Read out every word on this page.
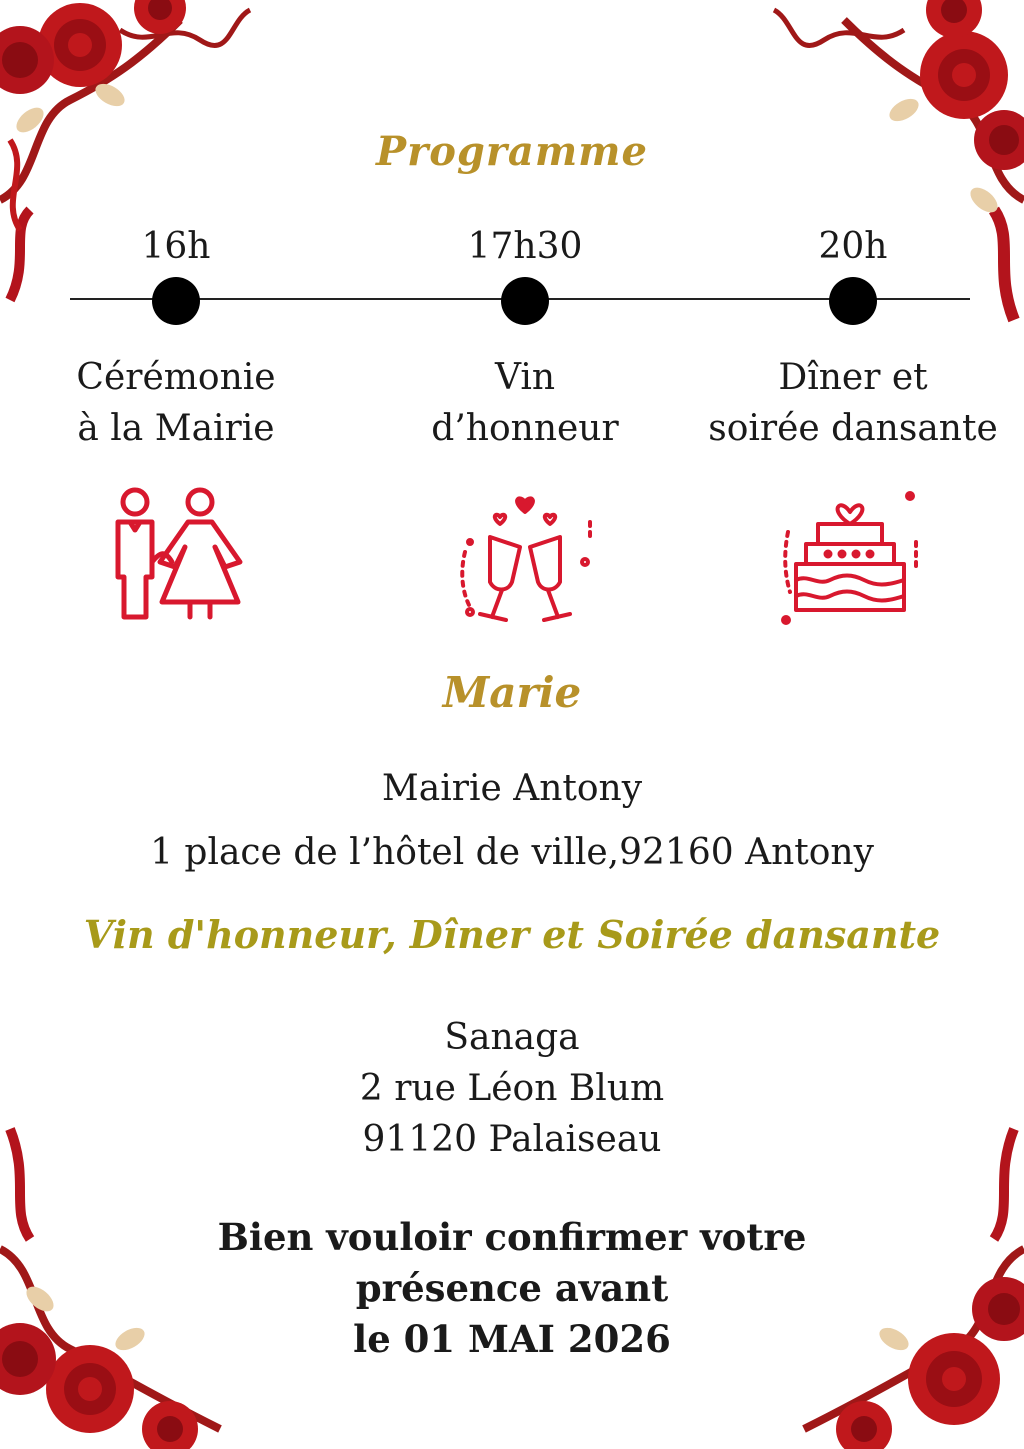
Programme
16h	17h30	20h
Cérémonie
à la Mairie
Vin
d’honneur
Dîner et
soirée dansante
Marie
Mairie Antony
1 place de l’hôtel de ville,92160 Antony
Vin d'honneur, Dîner et Soirée dansante
Sanaga
2 rue Léon Blum
91120 Palaiseau
Bien vouloir confirmer votre
présence avant
le 01 MAI 2026
